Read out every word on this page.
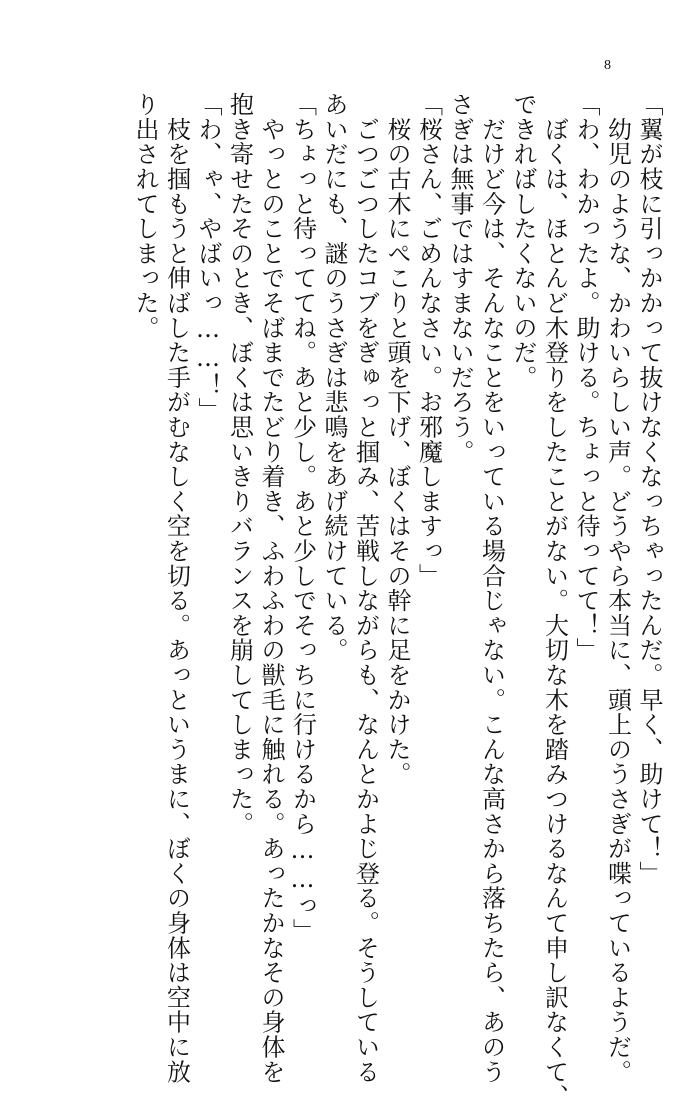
8
「翼が枝に引っかかって抜けなくなっちゃったんだ。早く、助けて！」
　幼児のような、かわいらしい声。どうやら本当に、頭上のうさぎが喋っているようだ。
「わ、わかったよ。助ける。ちょっと待ってて！」
　ぼくは、ほとんど木登りをしたことがない。大切な木を踏みつけるなんて申し訳なくて、
できればしたくないのだ。
　だけど今は、そんなことをいっている場合じゃない。こんな高さから落ちたら、あのう
さぎは無事ではすまないだろう。
「桜さん、ごめんなさい。お邪魔しますっ」
　桜の古木にぺこりと頭を下げ、ぼくはその幹に足をかけた。
　ごつごつしたコブをぎゅっと掴み、苦戦しながらも、なんとかよじ登る。そうしている
あいだにも、謎のうさぎは悲鳴をあげ続けている。
「ちょっと待っててね。あと少し。あと少しでそっちに行けるから……っ」
　やっとのことでそばまでたどり着き、ふわふわの獣毛に触れる。あったかなその身体を
抱き寄せたそのとき、ぼくは思いきりバランスを崩してしまった。
「わ、ゃ、やばいっ……！」
　枝を掴もうと伸ばした手がむなしく空を切る。あっというまに、ぼくの身体は空中に放
り出されてしまった。
